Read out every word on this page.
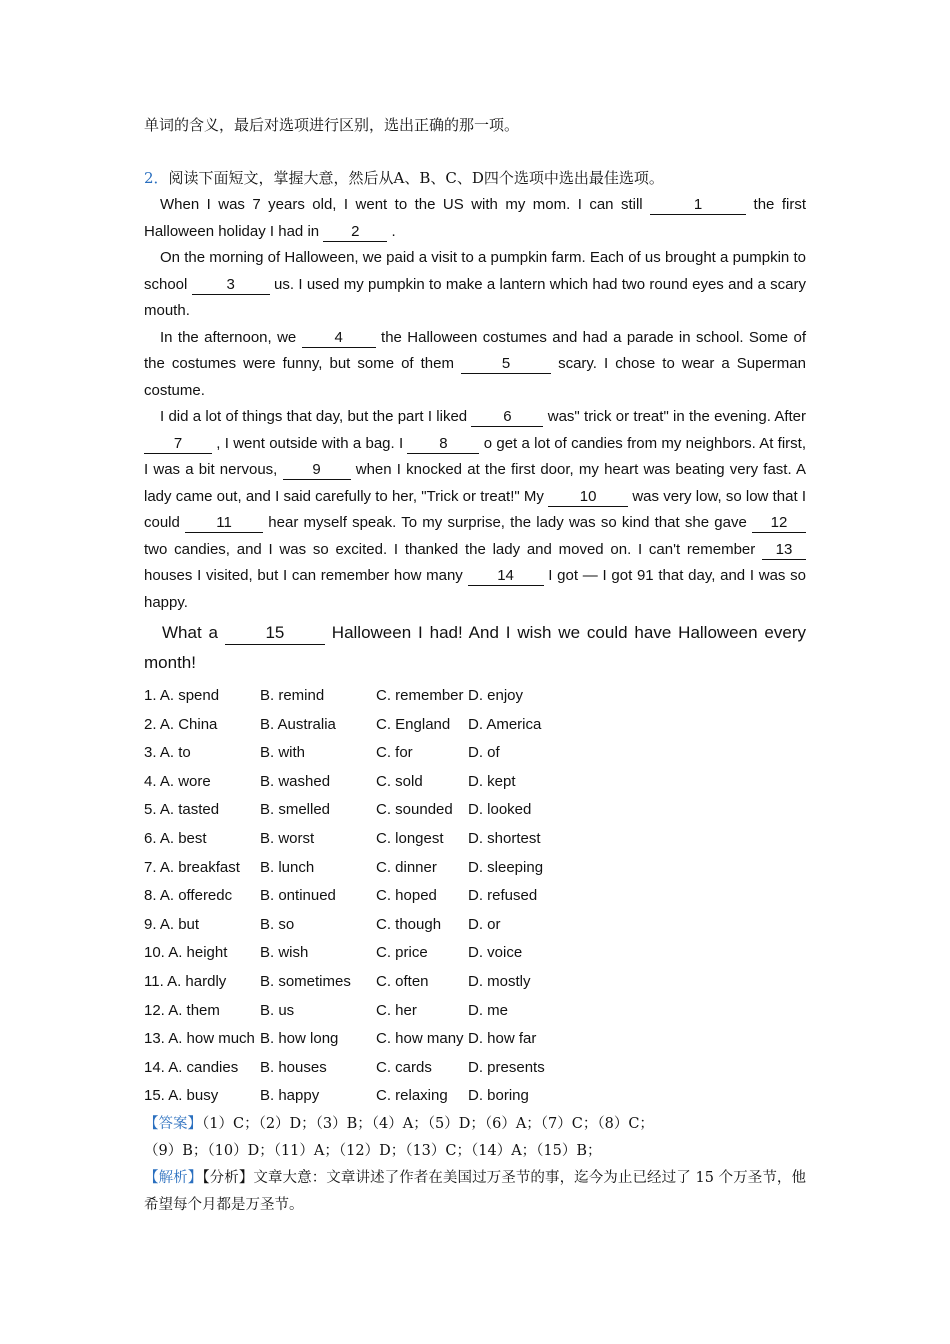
单词的含义，最后对选项进行区别，选出正确的那一项。
2．阅读下面短文，掌握大意，然后从A、B、C、D四个选项中选出最佳选项。

When I was 7 years old, I went to the US with my mom. I can still	1	the first Halloween holiday I had in 2 .

On the morning of Halloween, we paid a visit to a pumpkin farm. Each of us brought a pumpkin to school 3 us. I used my pumpkin to make a lantern which had two round eyes and a scary mouth.

In the afternoon, we 4 the Halloween costumes and had a parade in school. Some of the costumes were funny, but some of them	5	scary. I chose to wear a Superman costume.

I did a lot of things that day, but the part I liked 6 was" trick or treat" in the evening. After 7 , I went outside with a bag. I 8 o get a lot of candies from my neighbors. At first, I was a bit nervous, 9 when I knocked at the first door, my heart was beating very fast. A lady came out, and I said carefully to her, "Trick or treat!" My 10 was very low, so low that I could 11 hear myself speak. To my surprise, the lady was so kind that she gave 12 two candies, and I was so excited. I thanked the lady and moved on. I can't remember 13 houses I visited, but I can remember how many 14 I got — I got 91 that day, and I was so happy.

What a 15 Halloween I had! And I wish we could have Halloween every month!

1. A. spend	B. remind	C. remember D. enjoy
2. A. China	B. Australia	C. England	D. America
3. A. to	B. with	C. for	D. of
4. A. wore	B. washed	C. sold	D. kept
5. A. tasted	B. smelled	C. sounded	D. looked
6. A. best	B. worst	C. longest	D. shortest
7. A. breakfast	B. lunch	C. dinner	D. sleeping
8. A. offeredc	B. ontinued	C. hoped	D. refused
9. A. but	B. so	C. though	D. or
10. A. height	B. wish	C. price	D. voice
11. A. hardly	B. sometimes	C. often	D. mostly
12. A. them	B. us	C. her	D. me
13. A. how much B. how long	C. how many D. how far
14. A. candies	B. houses	C. cards	D. presents
15. A. busy	B. happy	C. relaxing	D. boring
【答案】（1）C；（2）D；（3）B；（4）A；（5）D；（6）A；（7）C；（8）C；
（9）B；（10）D；（11）A；（12）D；（13）C；（14）A；（15）B；
【解析】【分析】文章大意：文章讲述了作者在美国过万圣节的事，迄今为止已经过了 15 个万圣节，他希望每个月都是万圣节。
